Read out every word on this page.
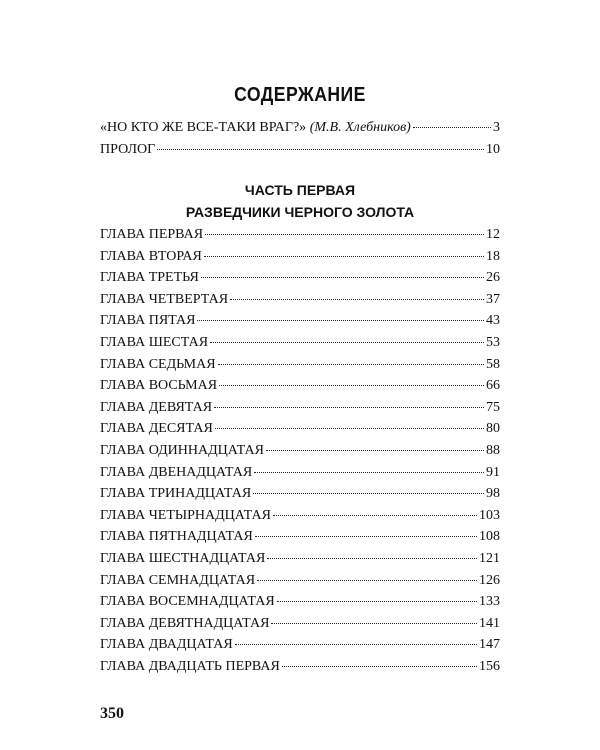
СОДЕРЖАНИЕ
«НО КТО ЖЕ ВСЕ-ТАКИ ВРАГ?» (М.В. Хлебников)	3
ПРОЛОГ	10
ЧАСТЬ ПЕРВАЯ
РАЗВЕДЧИКИ ЧЕРНОГО ЗОЛОТА
ГЛАВА ПЕРВАЯ	12
ГЛАВА ВТОРАЯ	18
ГЛАВА ТРЕТЬЯ	26
ГЛАВА ЧЕТВЕРТАЯ	37
ГЛАВА ПЯТАЯ	43
ГЛАВА ШЕСТАЯ	53
ГЛАВА СЕДЬМАЯ	58
ГЛАВА ВОСЬМАЯ	66
ГЛАВА ДЕВЯТАЯ	75
ГЛАВА ДЕСЯТАЯ	80
ГЛАВА ОДИННАДЦАТАЯ	88
ГЛАВА ДВЕНАДЦАТАЯ	91
ГЛАВА ТРИНАДЦАТАЯ	98
ГЛАВА ЧЕТЫРНАДЦАТАЯ	103
ГЛАВА ПЯТНАДЦАТАЯ	108
ГЛАВА ШЕСТНАДЦАТАЯ	121
ГЛАВА СЕМНАДЦАТАЯ	126
ГЛАВА ВОСЕМНАДЦАТАЯ	133
ГЛАВА ДЕВЯТНАДЦАТАЯ	141
ГЛАВА ДВАДЦАТАЯ	147
ГЛАВА ДВАДЦАТЬ ПЕРВАЯ	156
350
